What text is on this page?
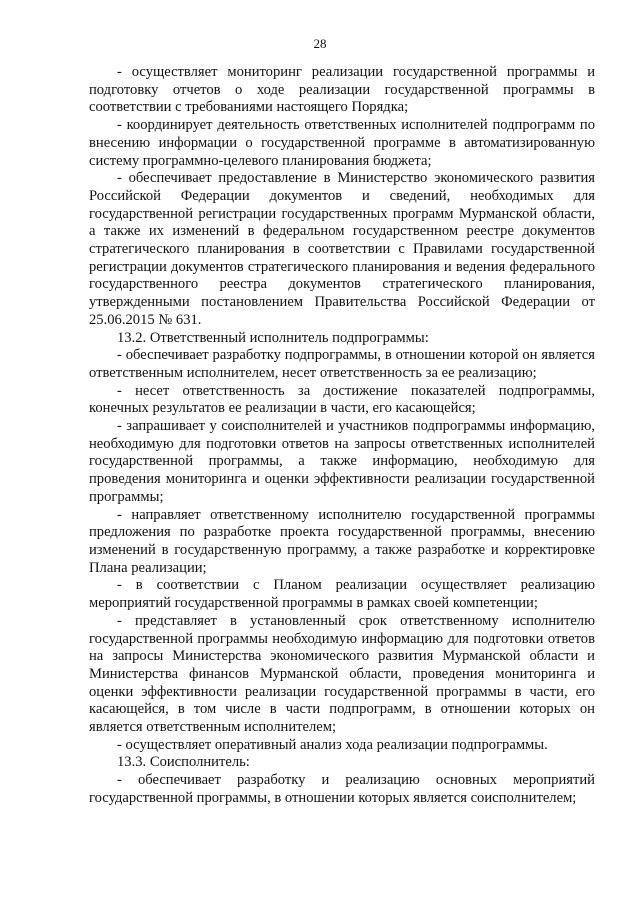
28

- осуществляет мониторинг реализации государственной программы и подготовку отчетов о ходе реализации государственной программы в соответствии с требованиями настоящего Порядка;

- координирует деятельность ответственных исполнителей подпрограмм по внесению информации о государственной программе в автоматизированную систему программно-целевого планирования бюджета;

- обеспечивает предоставление в Министерство экономического развития Российской Федерации документов и сведений, необходимых для государственной регистрации государственных программ Мурманской области, а также их изменений в федеральном государственном реестре документов стратегического планирования в соответствии с Правилами государственной регистрации документов стратегического планирования и ведения федерального государственного реестра документов стратегического планирования, утвержденными постановлением Правительства Российской Федерации от 25.06.2015 № 631.

13.2. Ответственный исполнитель подпрограммы:

- обеспечивает разработку подпрограммы, в отношении которой он является ответственным исполнителем, несет ответственность за ее реализацию;

- несет ответственность за достижение показателей подпрограммы, конечных результатов ее реализации в части, его касающейся;

- запрашивает у соисполнителей и участников подпрограммы информацию, необходимую для подготовки ответов на запросы ответственных исполнителей государственной программы, а также информацию, необходимую для проведения мониторинга и оценки эффективности реализации государственной программы;

- направляет ответственному исполнителю государственной программы предложения по разработке проекта государственной программы, внесению изменений в государственную программу, а также разработке и корректировке Плана реализации;

- в соответствии с Планом реализации осуществляет реализацию мероприятий государственной программы в рамках своей компетенции;

- представляет в установленный срок ответственному исполнителю государственной программы необходимую информацию для подготовки ответов на запросы Министерства экономического развития Мурманской области и Министерства финансов Мурманской области, проведения мониторинга и оценки эффективности реализации государственной программы в части, его касающейся, в том числе в части подпрограмм, в отношении которых он является ответственным исполнителем;

- осуществляет оперативный анализ хода реализации подпрограммы.

13.3. Соисполнитель:

- обеспечивает разработку и реализацию основных мероприятий государственной программы, в отношении которых является соисполнителем;
